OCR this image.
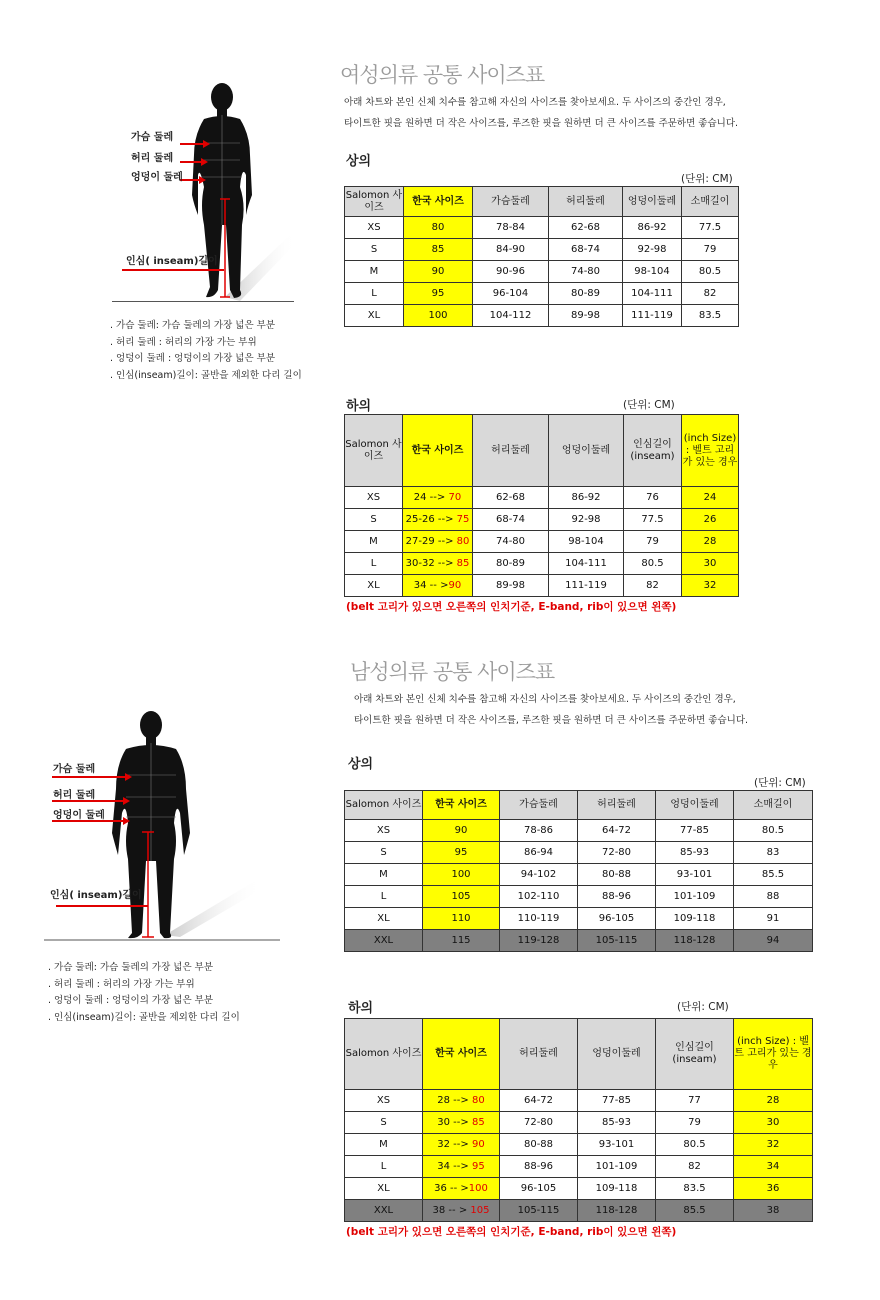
여성의류 공통 사이즈표
아래 차트와 본인 신체 치수를 참고해 자신의 사이즈를 찾아보세요. 두 사이즈의 중간인 경우,
타이트한 핏을 원하면 더 작은 사이즈를, 루즈한 핏을 원하면 더 큰 사이즈를 주문하면 좋습니다.
가슴 둘레
허리 둘레
엉덩이 둘레
인심( inseam)길이
. 가슴 둘레: 가슴 둘레의 가장 넓은 부분
. 허리 둘레 : 허리의 가장 가는 부위
. 엉덩이 둘레 : 엉덩이의 가장 넓은 부분
. 인심(inseam)길이: 골반을 제외한 다리 길이
상의
(단위: CM)
Salomon 사이즈	한국 사이즈	가슴둘레	허리둘레	엉덩이둘레	소매길이
XS	80	78-84	62-68	86-92	77.5
S	85	84-90	68-74	92-98	79
M	90	90-96	74-80	98-104	80.5
L	95	96-104	80-89	104-111	82
XL	100	104-112	89-98	111-119	83.5
하의	(단위: CM)
Salomon 사이즈	한국 사이즈	허리둘레	엉덩이둘레	인심길이 (inseam)	(inch Size) : 벨트 고리가 있는 경우
XS	24 --> 70	62-68	86-92	76	24
S	25-26 --> 75	68-74	92-98	77.5	26
M	27-29 --> 80	74-80	98-104	79	28
L	30-32 --> 85	80-89	104-111	80.5	30
XL	34 -- >90	89-98	111-119	82	32
(belt 고리가 있으면 오른쪽의 인치기준, E-band, rib이 있으면 왼쪽)
남성의류 공통 사이즈표
아래 차트와 본인 신체 치수를 참고해 자신의 사이즈를 찾아보세요. 두 사이즈의 중간인 경우,
타이트한 핏을 원하면 더 작은 사이즈를, 루즈한 핏을 원하면 더 큰 사이즈를 주문하면 좋습니다.
가슴 둘레
허리 둘레
엉덩이 둘레
인심( inseam)길이
. 가슴 둘레: 가슴 둘레의 가장 넓은 부분
. 허리 둘레 : 허리의 가장 가는 부위
. 엉덩이 둘레 : 엉덩이의 가장 넓은 부분
. 인심(inseam)길이: 골반을 제외한 다리 길이
상의
(단위: CM)
Salomon 사이즈	한국 사이즈	가슴둘레	허리둘레	엉덩이둘레	소매길이
XS	90	78-86	64-72	77-85	80.5
S	95	86-94	72-80	85-93	83
M	100	94-102	80-88	93-101	85.5
L	105	102-110	88-96	101-109	88
XL	110	110-119	96-105	109-118	91
XXL	115	119-128	105-115	118-128	94
하의	(단위: CM)
Salomon 사이즈	한국 사이즈	허리둘레	엉덩이둘레	인심길이 (inseam)	(inch Size) : 벨트 고리가 있는 경우
XS	28 --> 80	64-72	77-85	77	28
S	30 --> 85	72-80	85-93	79	30
M	32 --> 90	80-88	93-101	80.5	32
L	34 --> 95	88-96	101-109	82	34
XL	36 -- >100	96-105	109-118	83.5	36
XXL	38 -- > 105	105-115	118-128	85.5	38
(belt 고리가 있으면 오른쪽의 인치기준, E-band, rib이 있으면 왼쪽)
